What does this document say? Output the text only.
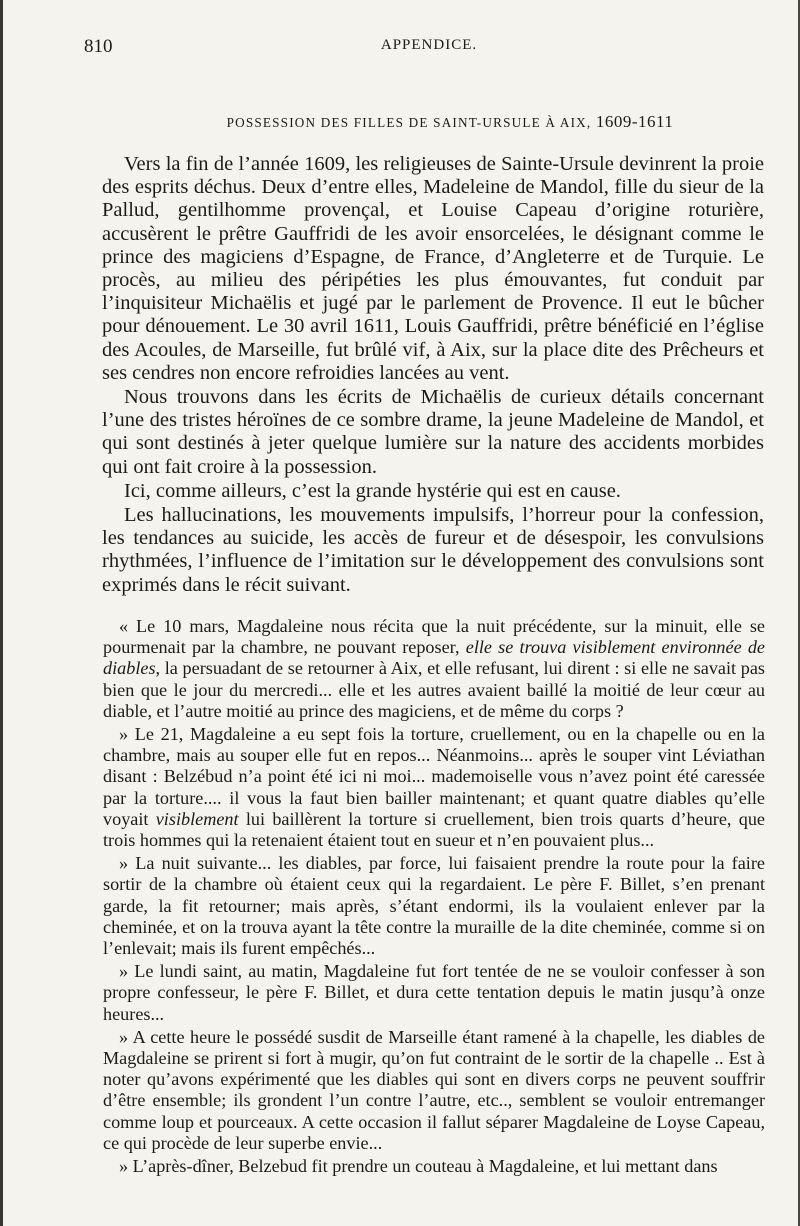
810	APPENDICE.
POSSESSION DES FILLES DE SAINT-URSULE À AIX, 1609-1611

Vers la fin de l’année 1609, les religieuses de Sainte-Ursule devinrent la proie des esprits déchus. Deux d’entre elles, Madeleine de Mandol, fille du sieur de la Pallud, gentilhomme provençal, et Louise Capeau d’origine roturière, accusèrent le prêtre Gauffridi de les avoir ensorcelées, le désignant comme le prince des magiciens d’Espagne, de France, d’Angleterre et de Turquie. Le procès, au milieu des péripéties les plus émouvantes, fut conduit par l’inquisiteur Michaëlis et jugé par le parlement de Provence. Il eut le bûcher pour dénouement. Le 30 avril 1611, Louis Gauffridi, prêtre bénéficié en l’église des Acoules, de Marseille, fut brûlé vif, à Aix, sur la place dite des Prêcheurs et ses cendres non encore refroidies lancées au vent.

Nous trouvons dans les écrits de Michaëlis de curieux détails concernant l’une des tristes héroïnes de ce sombre drame, la jeune Madeleine de Mandol, et qui sont destinés à jeter quelque lumière sur la nature des accidents morbides qui ont fait croire à la possession.

Ici, comme ailleurs, c’est la grande hystérie qui est en cause.

Les hallucinations, les mouvements impulsifs, l’horreur pour la confession, les tendances au suicide, les accès de fureur et de désespoir, les convulsions rhythmées, l’influence de l’imitation sur le développement des convulsions sont exprimés dans le récit suivant.

« Le 10 mars, Magdaleine nous récita que la nuit précédente, sur la minuit, elle se pourmenait par la chambre, ne pouvant reposer, elle se trouva visiblement environnée de diables, la persuadant de se retourner à Aix, et elle refusant, lui dirent : si elle ne savait pas bien que le jour du mercredi... elle et les autres avaient baillé la moitié de leur cœur au diable, et l’autre moitié au prince des magiciens, et de même du corps ?

» Le 21, Magdaleine a eu sept fois la torture, cruellement, ou en la chapelle ou en la chambre, mais au souper elle fut en repos... Néanmoins... après le souper vint Léviathan disant : Belzébud n’a point été ici ni moi... mademoiselle vous n’avez point été caressée par la torture.... il vous la faut bien bailler maintenant; et quant quatre diables qu’elle voyait visiblement lui baillèrent la torture si cruellement, bien trois quarts d’heure, que trois hommes qui la retenaient étaient tout en sueur et n’en pouvaient plus...

» La nuit suivante... les diables, par force, lui faisaient prendre la route pour la faire sortir de la chambre où étaient ceux qui la regardaient. Le père F. Billet, s’en prenant garde, la fit retourner; mais après, s’étant endormi, ils la voulaient enlever par la cheminée, et on la trouva ayant la tête contre la muraille de la dite cheminée, comme si on l’enlevait; mais ils furent empêchés...

» Le lundi saint, au matin, Magdaleine fut fort tentée de ne se vouloir confesser à son propre confesseur, le père F. Billet, et dura cette tentation depuis le matin jusqu’à onze heures...

» A cette heure le possédé susdit de Marseille étant ramené à la chapelle, les diables de Magdaleine se prirent si fort à mugir, qu’on fut contraint de le sortir de la chapelle .. Est à noter qu’avons expérimenté que les diables qui sont en divers corps ne peuvent souffrir d’être ensemble; ils grondent l’un contre l’autre, etc.., semblent se vouloir entremanger comme loup et pourceaux. A cette occasion il fallut séparer Magdaleine de Loyse Capeau, ce qui procède de leur superbe envie...

» L’après-dîner, Belzebud fit prendre un couteau à Magdaleine, et lui mettant dans
